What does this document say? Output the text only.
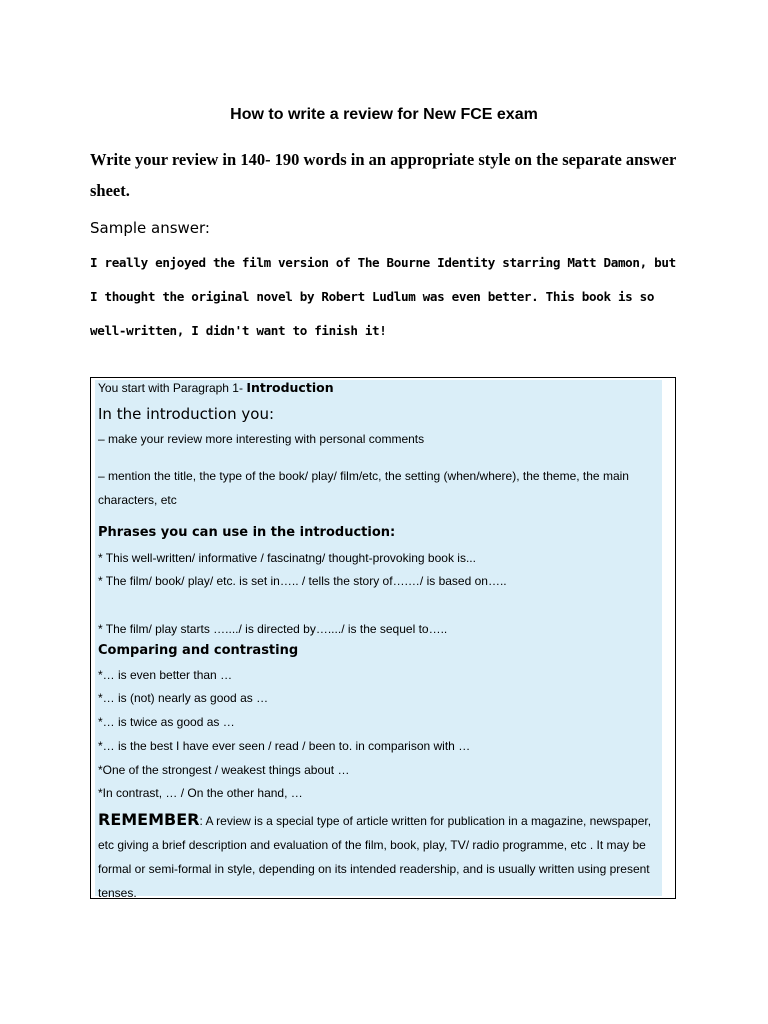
How to write a review for New FCE exam
Write your review in 140- 190 words in an appropriate style on the separate answer sheet.
Sample answer:
I really enjoyed the film version of The Bourne Identity starring Matt Damon, but I thought the original novel by Robert Ludlum was even better. This book is so well-written, I didn't want to finish it!
You start with Paragraph 1- Introduction
In the introduction you:
– make your review more interesting with personal comments
– mention the title, the type of the book/ play/ film/etc, the setting (when/where), the theme, the main characters, etc
Phrases you can use in the introduction:
* This well-written/ informative / fascinatng/ thought-provoking book is...
* The film/ book/ play/ etc. is set in….. / tells the story of….…/ is based on…..
* The film/ play starts …..../ is directed by…..../ is the sequel to…..
Comparing and contrasting
*… is even better than …
*… is (not) nearly as good as …
*… is twice as good as …
*… is the best I have ever seen / read / been to. in comparison with …
*One of the strongest / weakest things about …
*In contrast, … / On the other hand, …
REMEMBER: A review is a special type of article written for publication in a magazine, newspaper, etc giving a brief description and evaluation of the film, book, play, TV/ radio programme, etc . It may be formal or semi-formal in style, depending on its intended readership, and is usually written using present tenses.
